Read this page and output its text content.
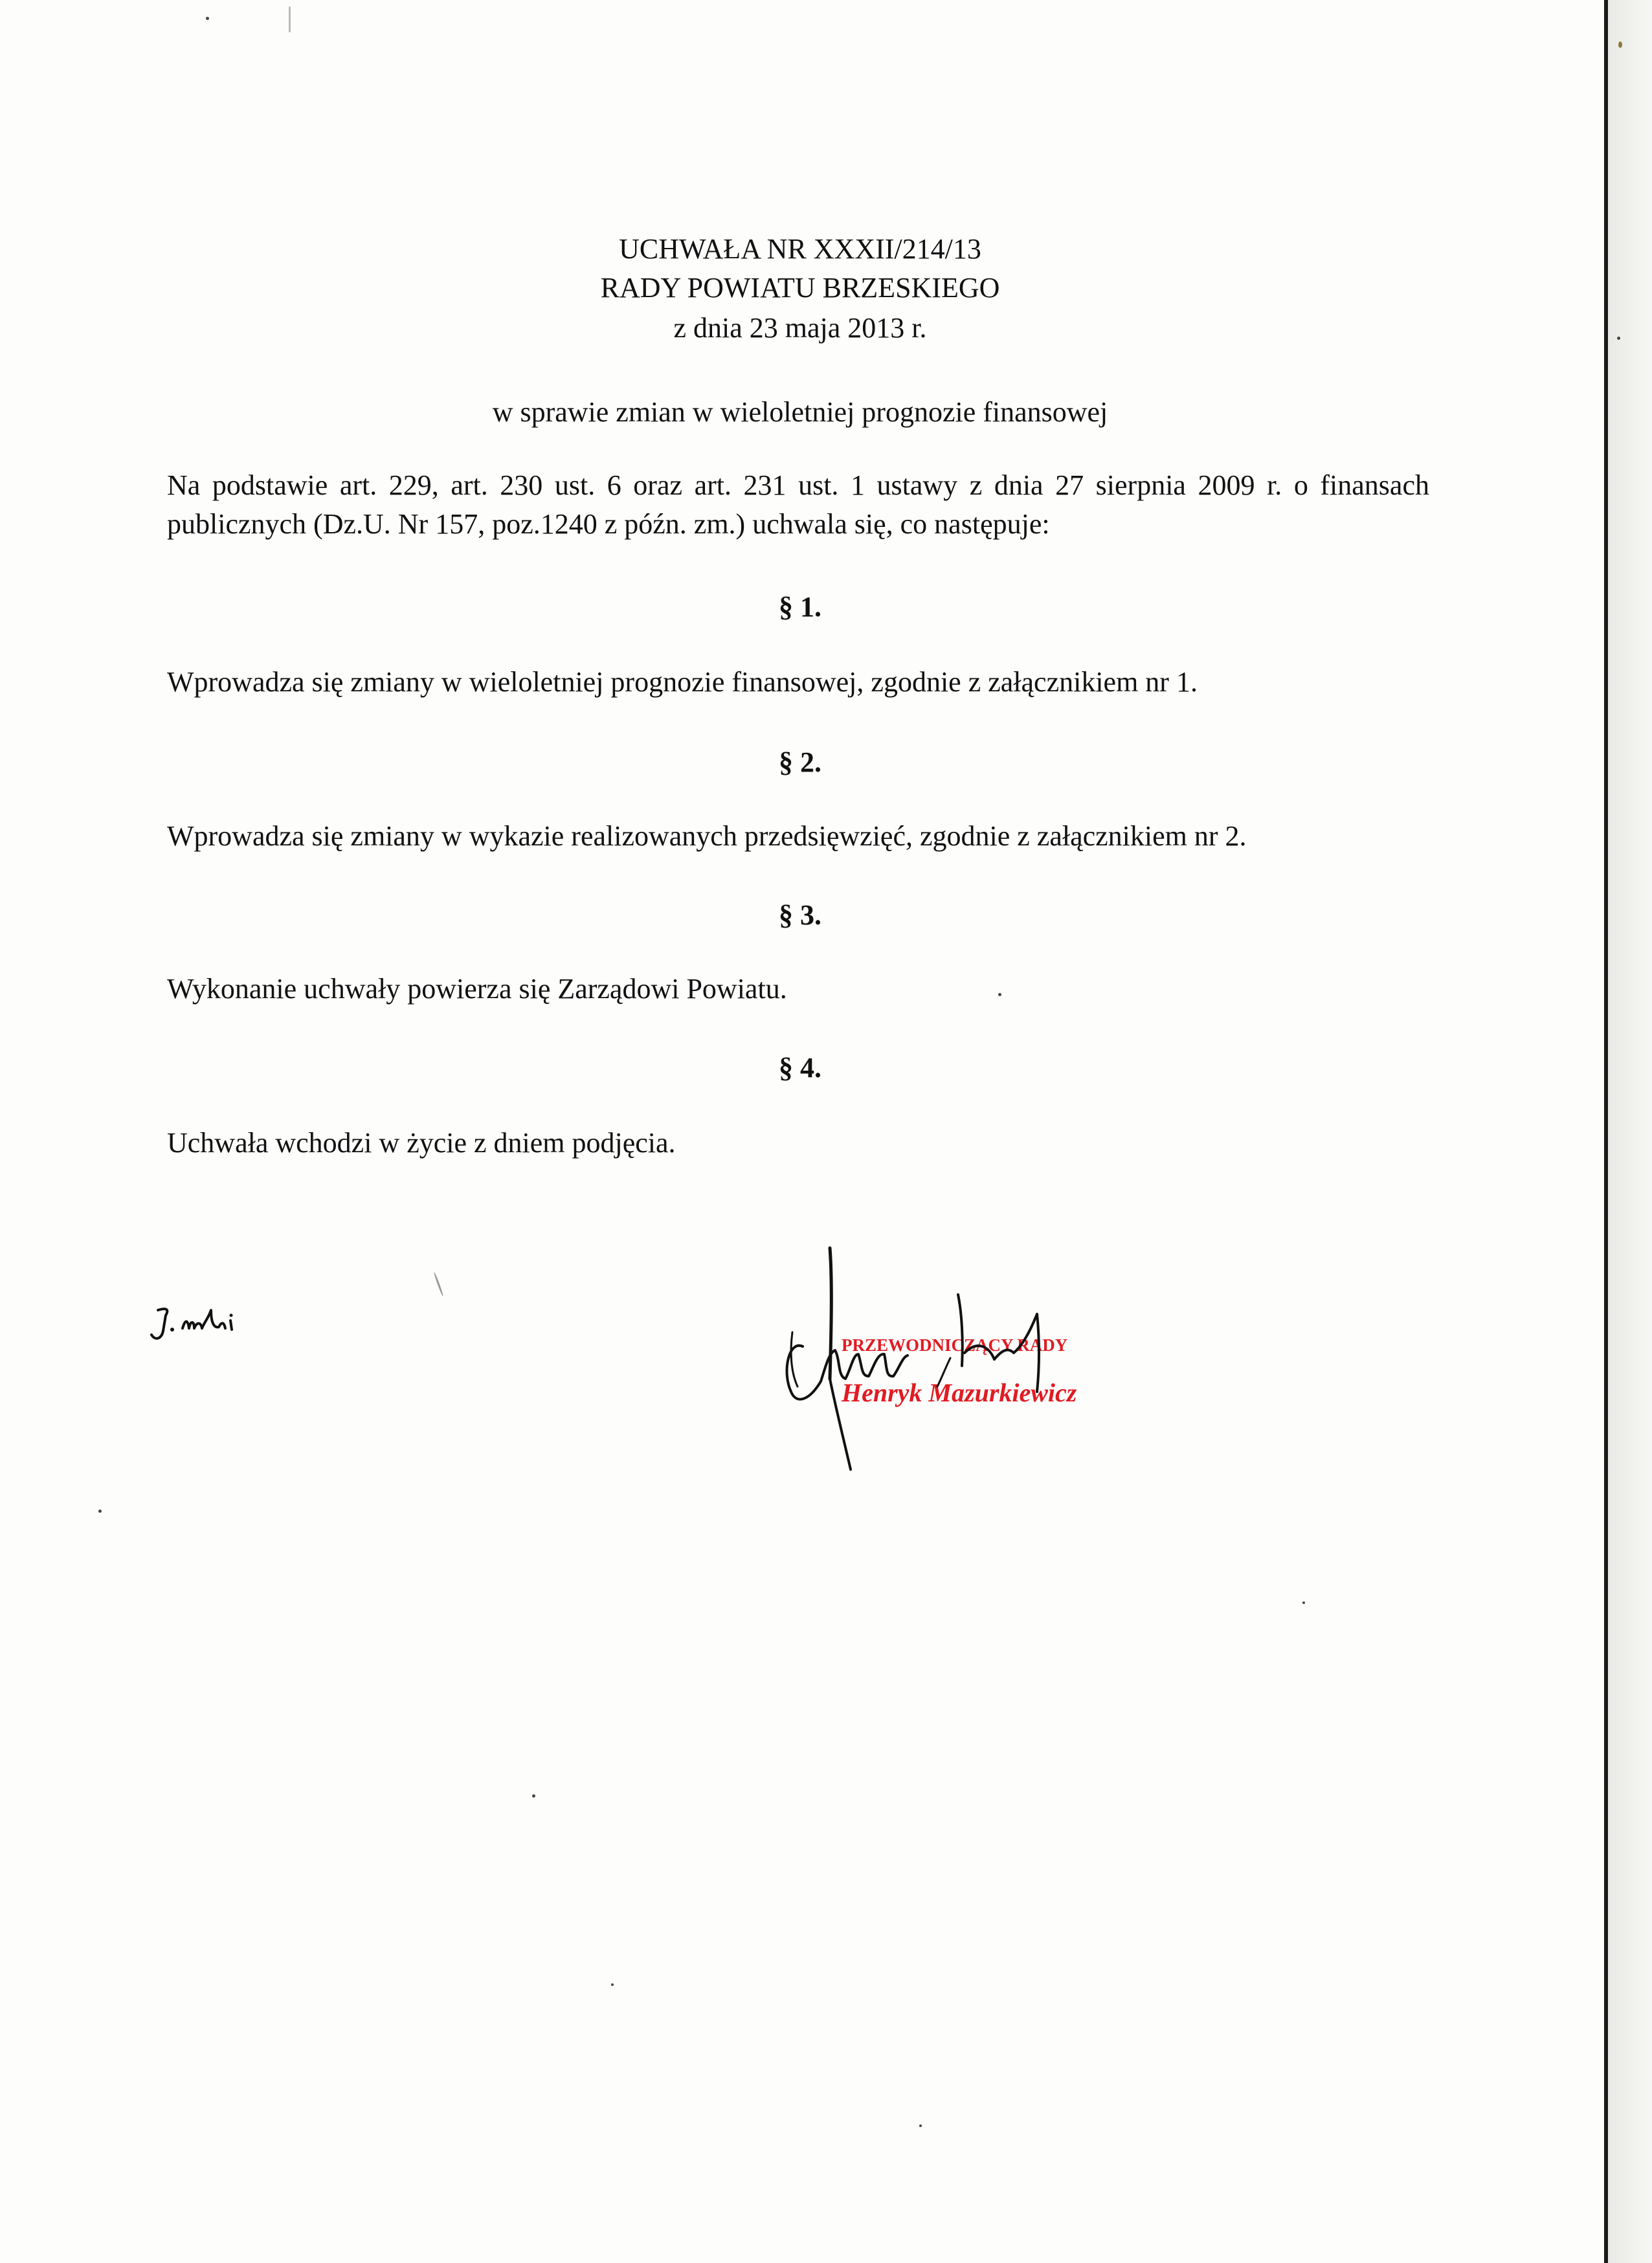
UCHWAŁA NR XXXII/214/13
RADY POWIATU BRZESKIEGO
z dnia 23 maja 2013 r.
w sprawie zmian w wieloletniej prognozie finansowej
Na podstawie art. 229, art. 230 ust. 6 oraz art. 231 ust. 1 ustawy z dnia 27 sierpnia 2009 r. o finansach publicznych (Dz.U. Nr 157, poz.1240 z późn. zm.) uchwala się, co następuje:
§ 1.
Wprowadza się zmiany w wieloletniej prognozie finansowej, zgodnie z załącznikiem nr 1.
§ 2.
Wprowadza się zmiany w wykazie realizowanych przedsięwzięć, zgodnie z załącznikiem nr 2.
§ 3.
Wykonanie uchwały powierza się Zarządowi Powiatu.
§ 4.
Uchwała wchodzi w życie z dniem podjęcia.
PRZEWODNICZĄCY RADY
Henryk Mazurkiewicz
